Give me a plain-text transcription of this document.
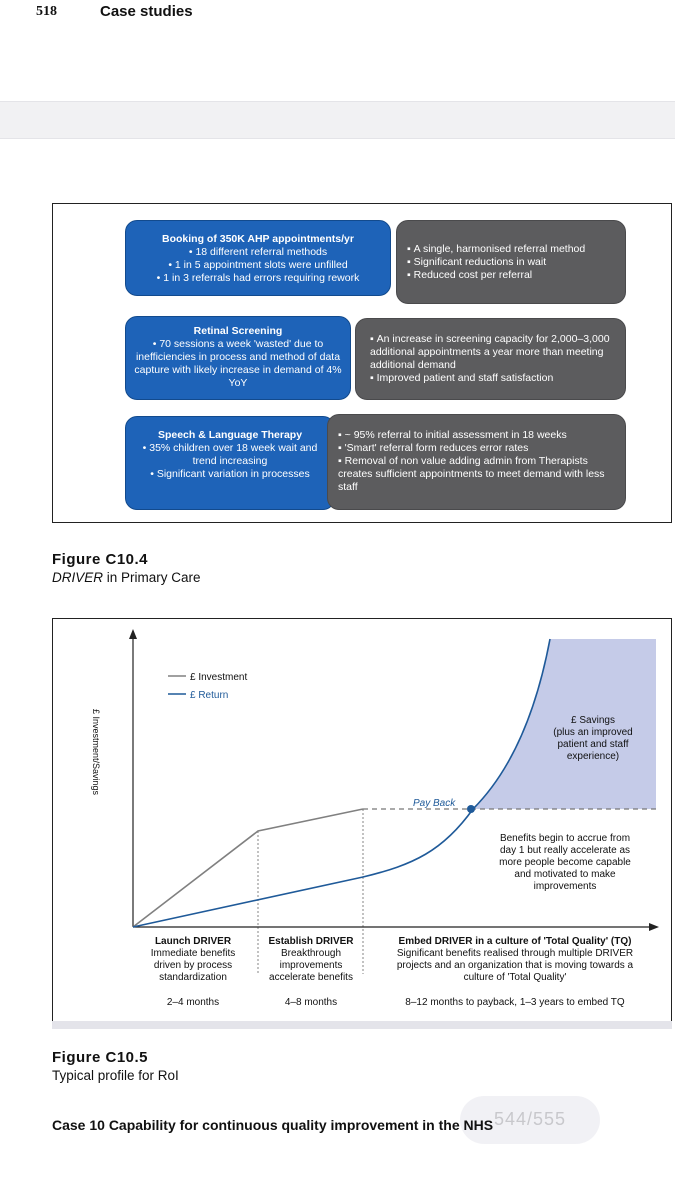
518	Case studies
Booking of 350K AHP appointments/yr
• 18 different referral methods
• 1 in 5 appointment slots were unfilled
• 1 in 3 referrals had errors requiring rework
▪ A single, harmonised referral method
▪ Significant reductions in wait
▪ Reduced cost per referral
Retinal Screening
• 70 sessions a week 'wasted' due to inefficiencies in process and method of data capture with likely increase in demand of 4% YoY
▪ An increase in screening capacity for 2,000–3,000 additional appointments a year more than meeting additional demand
▪ Improved patient and staff satisfaction
Speech & Language Therapy
• 35% children over 18 week wait and trend increasing
• Significant variation in processes
▪ ~ 95% referral to initial assessment in 18 weeks
▪ 'Smart' referral form reduces error rates
▪ Removal of non value adding admin from Therapists creates sufficient appointments to meet demand with less staff
Figure C10.4
DRIVER in Primary Care
£ Investment
£ Return
£ Investment/Savings
Pay Back
£ Savings
(plus an improved
patient and staff
experience)
Benefits begin to accrue from
day 1 but really accelerate as
more people become capable
and motivated to make
improvements
Launch DRIVER
Immediate benefits
driven by process
standardization
2–4 months
Establish DRIVER
Breakthrough
improvements
accelerate benefits
4–8 months
Embed DRIVER in a culture of 'Total Quality' (TQ)
Significant benefits realised through multiple DRIVER
projects and an organization that is moving towards a
culture of 'Total Quality'
8–12 months to payback, 1–3 years to embed TQ
Figure C10.5
Typical profile for RoI
544/555
Case 10 Capability for continuous quality improvement in the NHS
